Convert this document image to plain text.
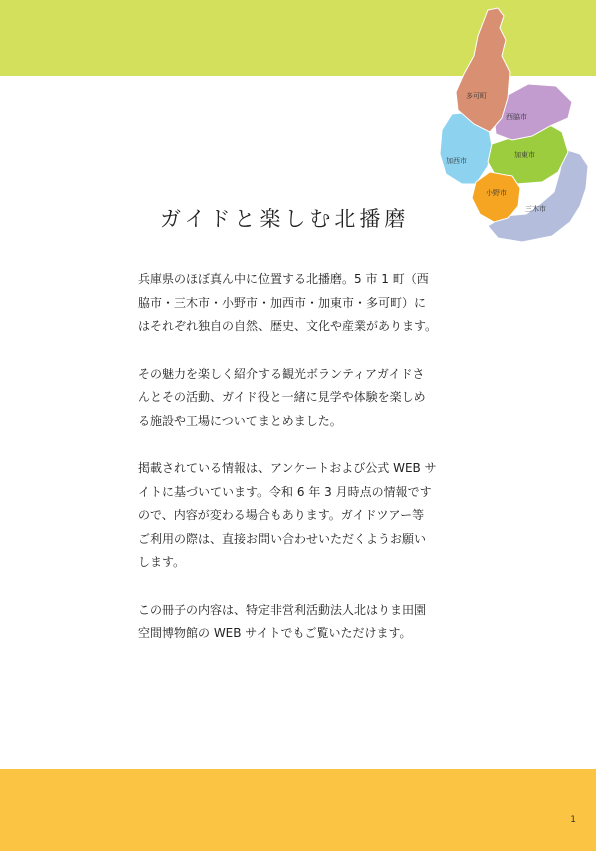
多可町
西脇市
加西市
加東市
小野市
三木市
ガイドと楽しむ北播磨

兵庫県のほぼ真ん中に位置する北播磨。5 市 1 町（西
脇市・三木市・小野市・加西市・加東市・多可町）に
はそれぞれ独自の自然、歴史、文化や産業があります。

その魅力を楽しく紹介する観光ボランティアガイドさ
んとその活動、ガイド役と一緒に見学や体験を楽しめ
る施設や工場についてまとめました。

掲載されている情報は、アンケートおよび公式 WEB サ
イトに基づいています。令和 6 年 3 月時点の情報です
ので、内容が変わる場合もあります。ガイドツアー等
ご利用の際は、直接お問い合わせいただくようお願い
します。

この冊子の内容は、特定非営利活動法人北はりま田園
空間博物館の WEB サイトでもご覧いただけます。

1
